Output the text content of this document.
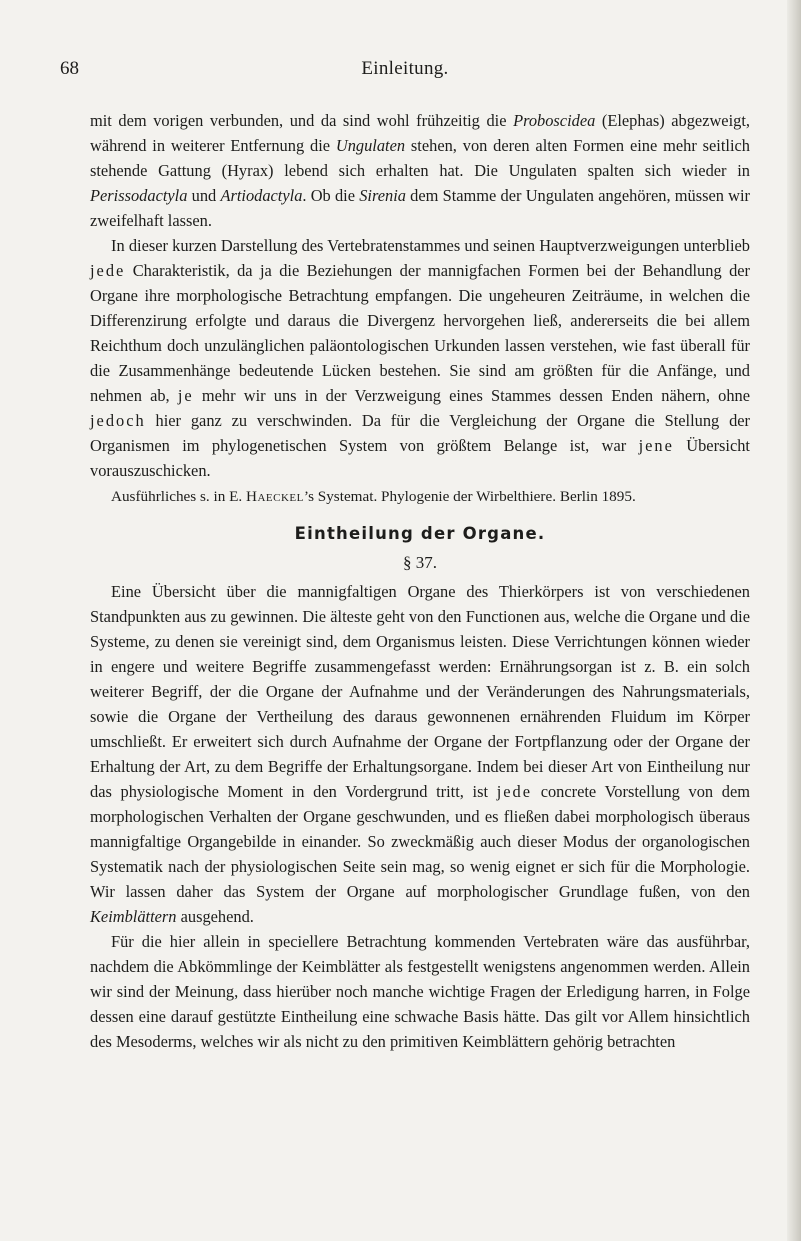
68	Einleitung.

mit dem vorigen verbunden, und da sind wohl frühzeitig die Proboscidea (Elephas) abgezweigt, während in weiterer Entfernung die Ungulaten stehen, von deren alten Formen eine mehr seitlich stehende Gattung (Hyrax) lebend sich erhalten hat. Die Ungulaten spalten sich wieder in Perissodactyla und Artiodactyla. Ob die Sirenia dem Stamme der Ungulaten angehören, müssen wir zweifelhaft lassen.

In dieser kurzen Darstellung des Vertebratenstammes und seinen Hauptverzweigungen unterblieb jede Charakteristik, da ja die Beziehungen der mannigfachen Formen bei der Behandlung der Organe ihre morphologische Betrachtung empfangen. Die ungeheuren Zeiträume, in welchen die Differenzirung erfolgte und daraus die Divergenz hervorgehen ließ, andererseits die bei allem Reichthum doch unzulänglichen paläontologischen Urkunden lassen verstehen, wie fast überall für die Zusammenhänge bedeutende Lücken bestehen. Sie sind am größten für die Anfänge, und nehmen ab, je mehr wir uns in der Verzweigung eines Stammes dessen Enden nähern, ohne jedoch hier ganz zu verschwinden. Da für die Vergleichung der Organe die Stellung der Organismen im phylogenetischen System von größtem Belange ist, war jene Übersicht vorauszuschicken.

Ausführliches s. in E. Haeckel’s Systemat. Phylogenie der Wirbelthiere. Berlin 1895.

Eintheilung der Organe.
§ 37.

Eine Übersicht über die mannigfaltigen Organe des Thierkörpers ist von verschiedenen Standpunkten aus zu gewinnen. Die älteste geht von den Functionen aus, welche die Organe und die Systeme, zu denen sie vereinigt sind, dem Organismus leisten. Diese Verrichtungen können wieder in engere und weitere Begriffe zusammengefasst werden: Ernährungsorgan ist z. B. ein solch weiterer Begriff, der die Organe der Aufnahme und der Veränderungen des Nahrungsmaterials, sowie die Organe der Vertheilung des daraus gewonnenen ernährenden Fluidum im Körper umschließt. Er erweitert sich durch Aufnahme der Organe der Fortpflanzung oder der Organe der Erhaltung der Art, zu dem Begriffe der Erhaltungsorgane. Indem bei dieser Art von Eintheilung nur das physiologische Moment in den Vordergrund tritt, ist jede concrete Vorstellung von dem morphologischen Verhalten der Organe geschwunden, und es fließen dabei morphologisch überaus mannigfaltige Organgebilde in einander. So zweckmäßig auch dieser Modus der organologischen Systematik nach der physiologischen Seite sein mag, so wenig eignet er sich für die Morphologie. Wir lassen daher das System der Organe auf morphologischer Grundlage fußen, von den Keimblättern ausgehend.

Für die hier allein in speciellere Betrachtung kommenden Vertebraten wäre das ausführbar, nachdem die Abkömmlinge der Keimblätter als festgestellt wenigstens angenommen werden. Allein wir sind der Meinung, dass hierüber noch manche wichtige Fragen der Erledigung harren, in Folge dessen eine darauf gestützte Eintheilung eine schwache Basis hätte. Das gilt vor Allem hinsichtlich des Mesoderms, welches wir als nicht zu den primitiven Keimblättern gehörig betrachten
